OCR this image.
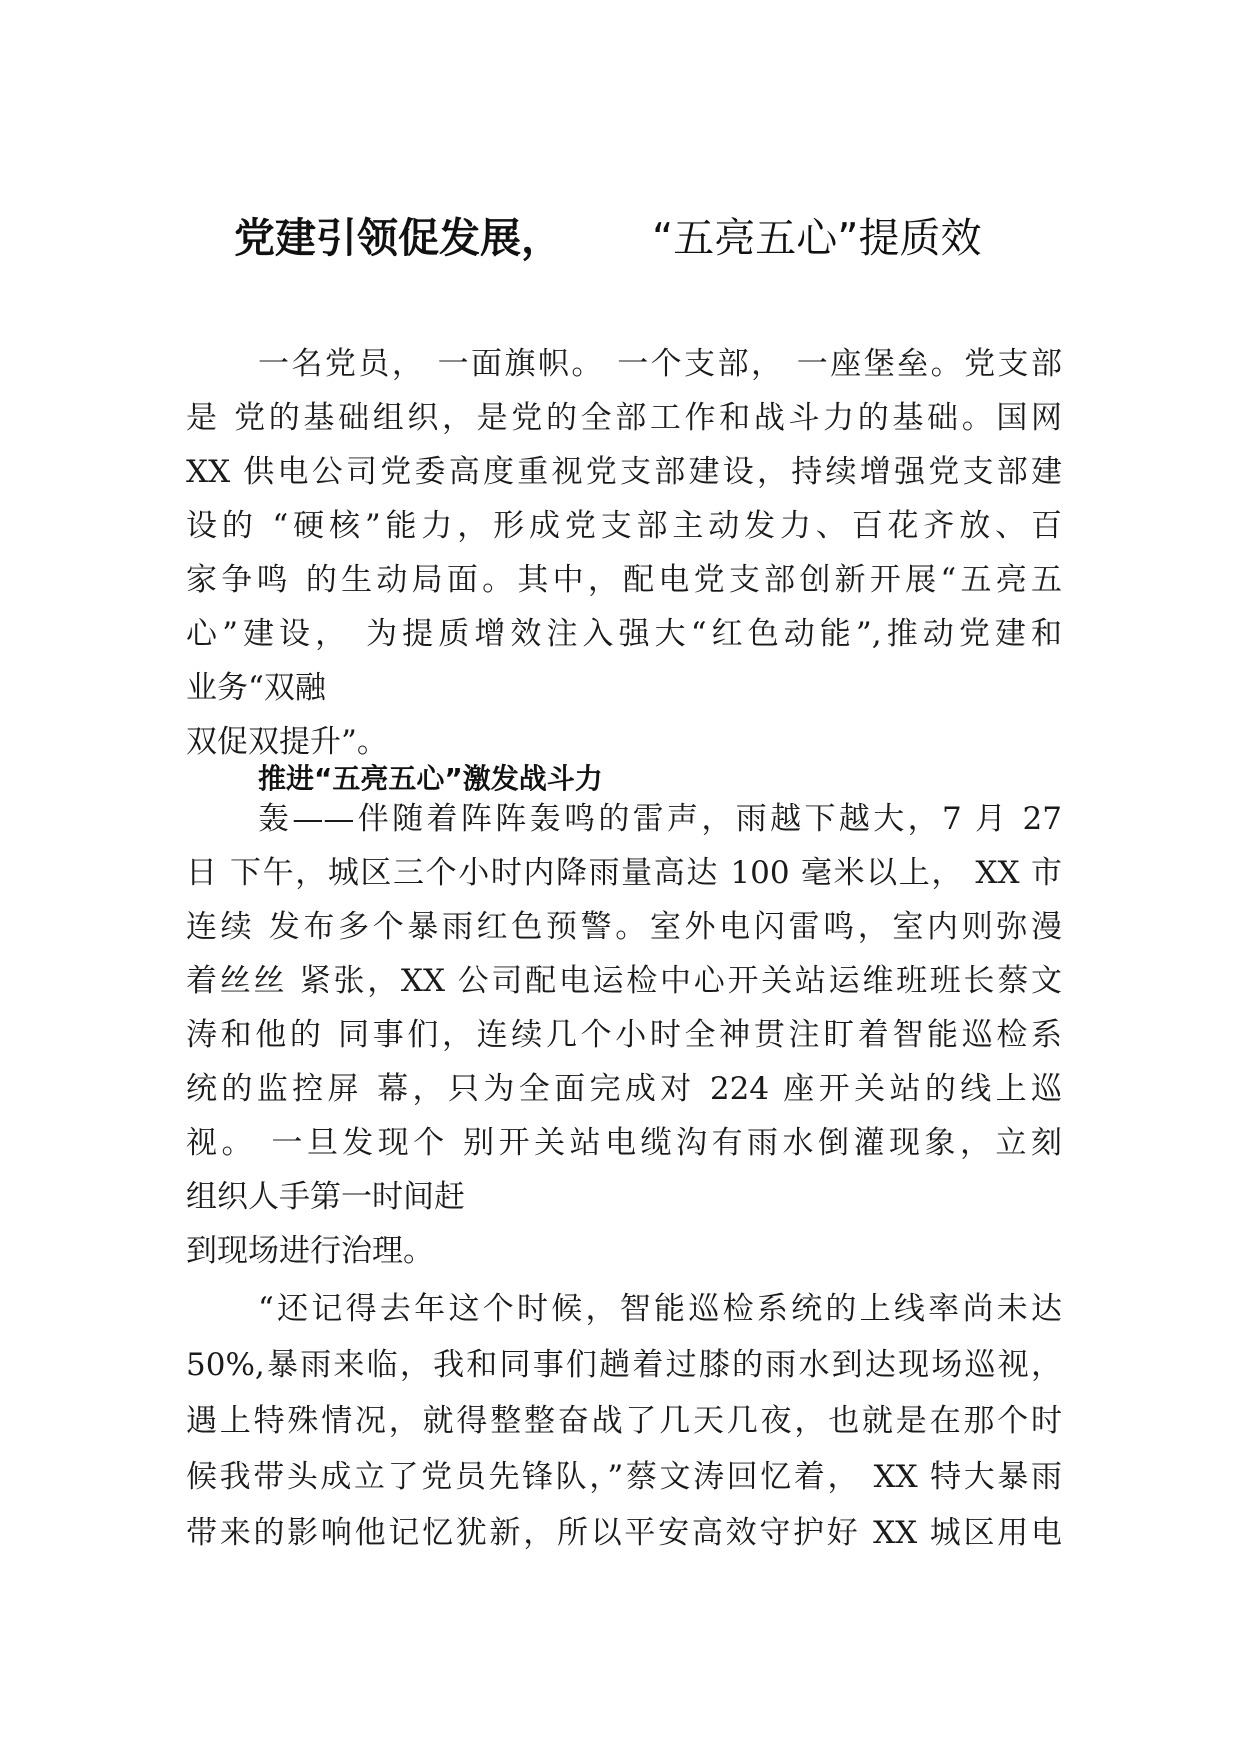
党建引领促发展， “五亮五心”提质效
一名党员， 一面旗帜。 一个支部， 一座堡垒。党支部
是 党的基础组织，是党的全部工作和战斗力的基础。国网
XX 供电公司党委高度重视党支部建设，持续增强党支部建
设的 “硬核”能力，形成党支部主动发力、百花齐放、百
家争鸣 的生动局面。其中，配电党支部创新开展“五亮五
心”建设， 为提质增效注入强大“红色动能”,推动党建和
业务“双融
双促双提升”。
推进“五亮五心”激发战斗力
轰——伴随着阵阵轰鸣的雷声，雨越下越大，7 月 27
日 下午，城区三个小时内降雨量高达 100 毫米以上， XX 市
连续 发布多个暴雨红色预警。室外电闪雷鸣，室内则弥漫
着丝丝 紧张，XX 公司配电运检中心开关站运维班班长蔡文
涛和他的 同事们，连续几个小时全神贯注盯着智能巡检系
统的监控屏 幕，只为全面完成对 224 座开关站的线上巡
视。 一旦发现个 别开关站电缆沟有雨水倒灌现象，立刻
组织人手第一时间赶
到现场进行治理。
“还记得去年这个时候，智能巡检系统的上线率尚未达
50%,暴雨来临，我和同事们趟着过膝的雨水到达现场巡视，
遇上特殊情况，就得整整奋战了几天几夜，也就是在那个时
候我带头成立了党员先锋队，”蔡文涛回忆着， XX 特大暴雨
带来的影响他记忆犹新，所以平安高效守护好 XX 城区用电
